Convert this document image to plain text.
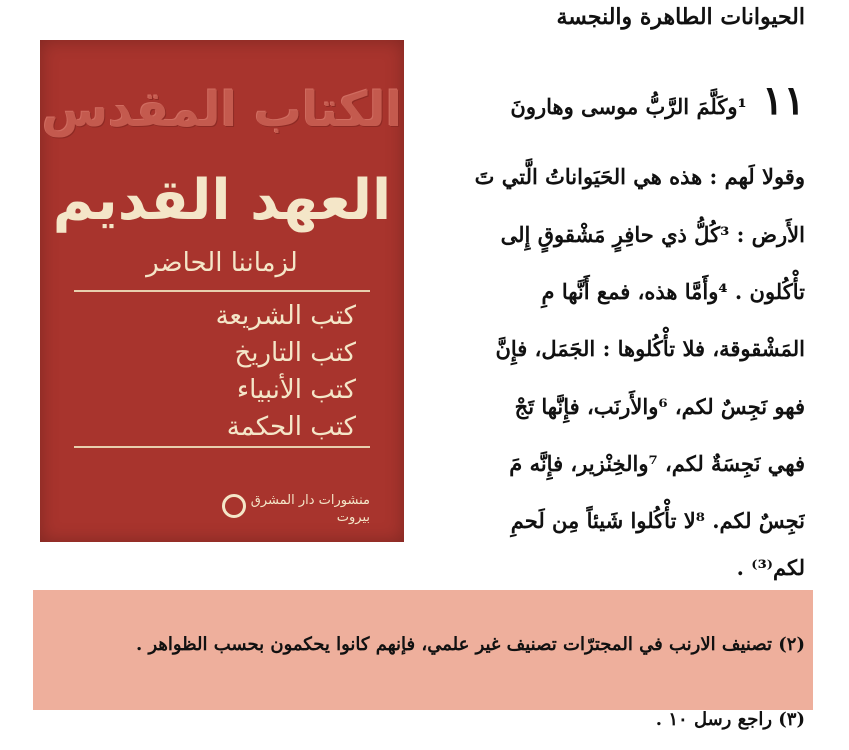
الحيوانات الطاهرة والنجسة
١١ ¹وكَلَّمَ الرَّبُّ موسى وهارونَ
وقولا لَهم : هذه هي الحَيَواناتُ الَّتي تَ
الأَرض : ³كُلُّ ذي حافِرٍ مَشْقوقٍ إِلى
تأْكُلون . ⁴وأَمَّا هذه، فمع أَنَّها مِ
المَشْقوقة، فلا تأْكُلوها : الجَمَل، فإِنَّ
فهو نَجِسٌ لكم، ⁶والأَرنَب، فإِنَّها تَجْ
فهي نَجِسَةٌ لكم، ⁷والخِنْزير، فإِنَّه مَ
نَجِسٌ لكم. ⁸لا تأْكُلوا شَيئاً مِن لَحمِ
لكم⁽³⁾ .
الكتاب المقدس
العهد القديم
لزماننا الحاضر
كتب الشريعة
كتب التاريخ
كتب الأنبياء
كتب الحكمة
منشورات دار المشرق
بيروت
(٢) تصنيف الارنب في المجترّات تصنيف غير علمي، فإنهم كانوا يحكمون بحسب الظواهر .
(٣) راجع رسل ١٠ .
